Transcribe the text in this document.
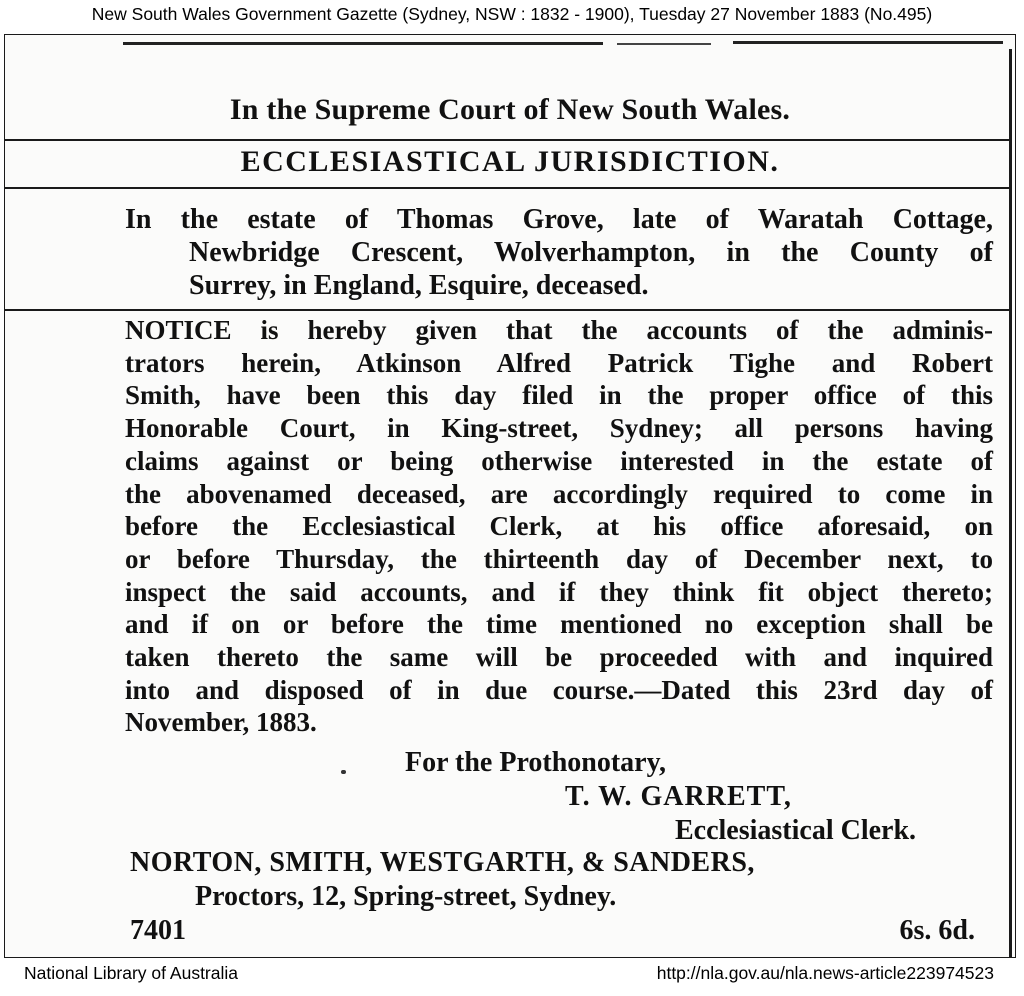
New South Wales Government Gazette (Sydney, NSW : 1832 - 1900), Tuesday 27 November 1883 (No.495)
In the Supreme Court of New South Wales.
ECCLESIASTICAL JURISDICTION.
In the estate of Thomas Grove, late of Waratah Cottage,
Newbridge Crescent, Wolverhampton, in the County of
Surrey, in England, Esquire, deceased.
NOTICE is hereby given that the accounts of the adminis-
trators herein, Atkinson Alfred Patrick Tighe and Robert
Smith, have been this day filed in the proper office of this
Honorable Court, in King-street, Sydney; all persons having
claims against or being otherwise interested in the estate of
the abovenamed deceased, are accordingly required to come in
before the Ecclesiastical Clerk, at his office aforesaid, on
or before Thursday, the thirteenth day of December next, to
inspect the said accounts, and if they think fit object thereto;
and if on or before the time mentioned no exception shall be
taken thereto the same will be proceeded with and inquired
into and disposed of in due course.—Dated this 23rd day of
November, 1883.
For the Prothonotary,
T. W. GARRETT,
Ecclesiastical Clerk.
NORTON, SMITH, WESTGARTH, & SANDERS,
Proctors, 12, Spring-street, Sydney.
7401	6s. 6d.
National Library of Australia	http://nla.gov.au/nla.news-article223974523
